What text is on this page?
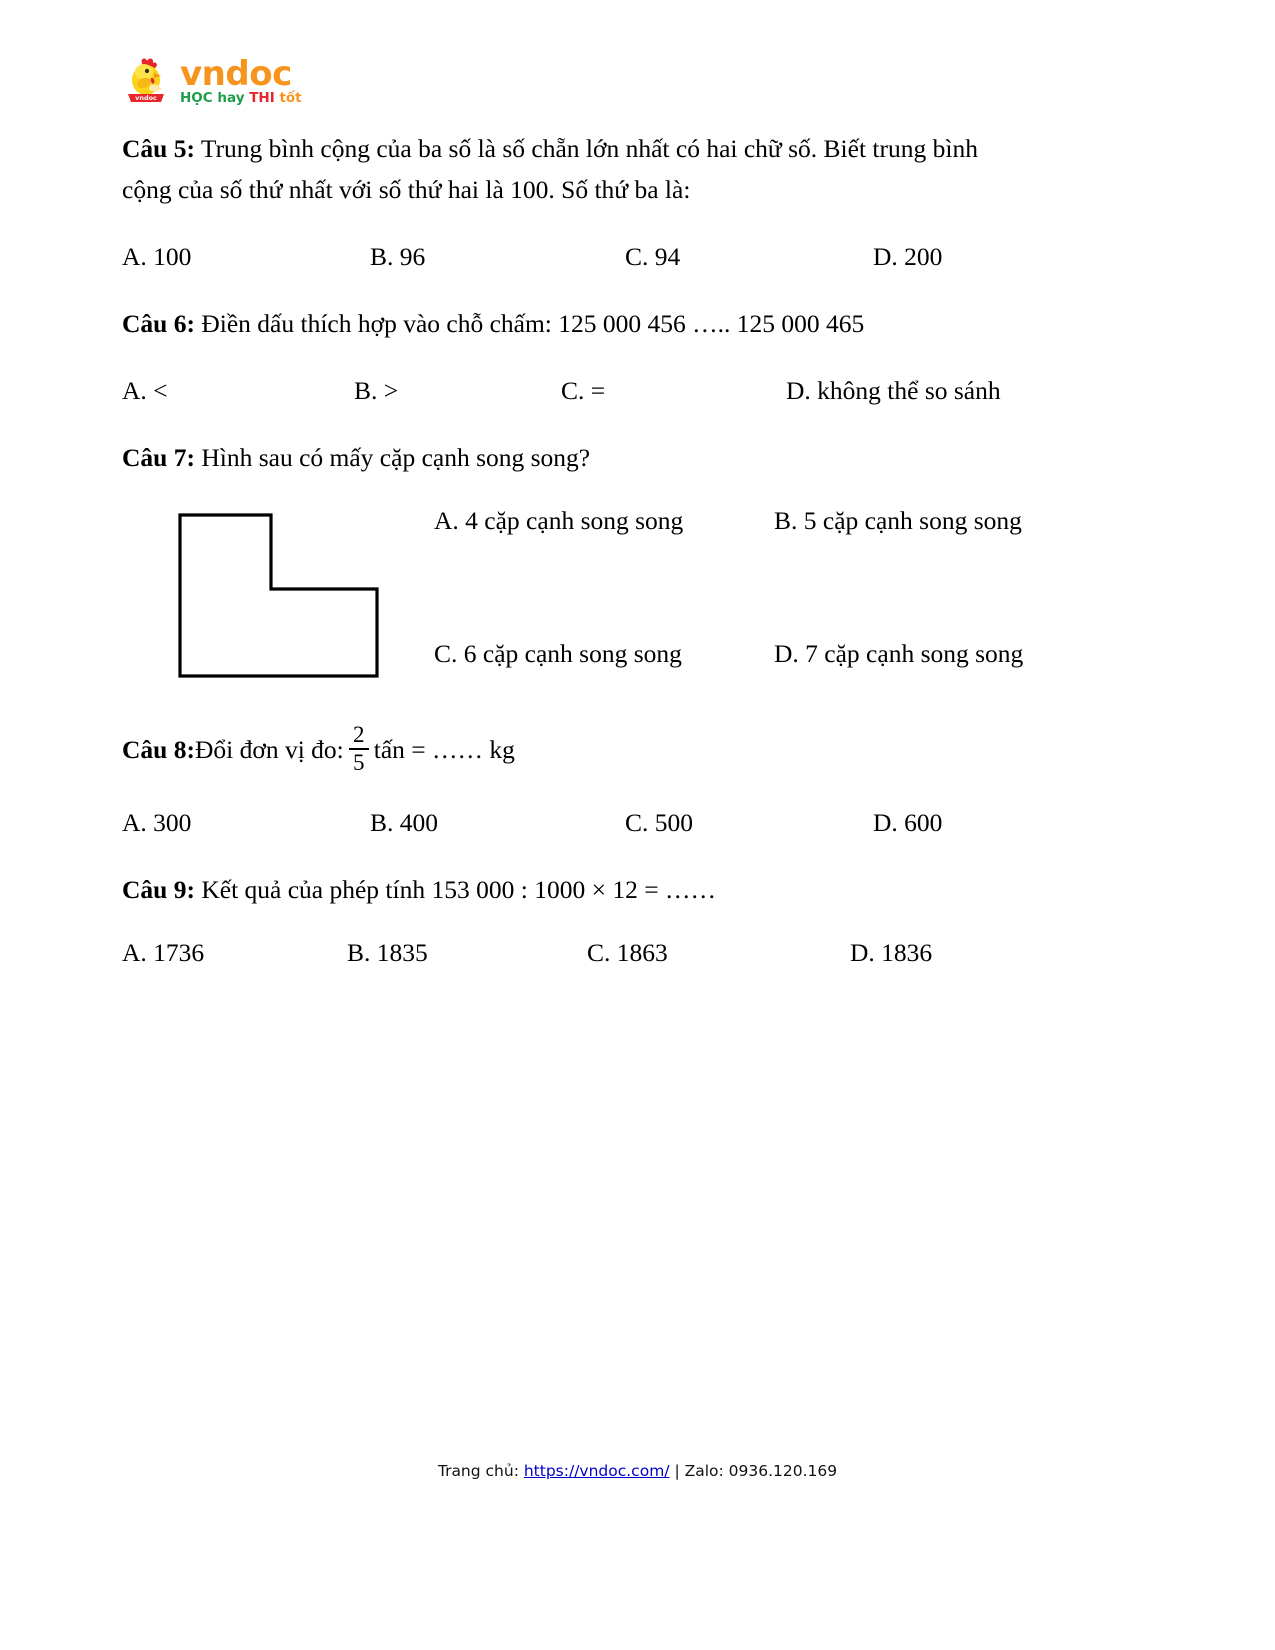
vndoc
vndoc
HỌC hay THI tốt

Câu 5: Trung bình cộng của ba số là số chẵn lớn nhất có hai chữ số. Biết trung bình

cộng của số thứ nhất với số thứ hai là 100. Số thứ ba là:

A. 100	B. 96	C. 94	D. 200

Câu 6: Điền dấu thích hợp vào chỗ chấm: 125 000 456 ….. 125 000 465

A. <	B. >	C. =	D. không thể so sánh

Câu 7: Hình sau có mấy cặp cạnh song song?

A. 4 cặp cạnh song song	B. 5 cặp cạnh song song
C. 6 cặp cạnh song song	D. 7 cặp cạnh song song
Câu 8: Đổi đơn vị đo: $\frac{2}{5}$ tấn = …… kg
A. 300	B. 400	C. 500	D. 600

Câu 9: Kết quả của phép tính 153 000 : 1000 × 12 = ……

A. 1736	B. 1835	C. 1863	D. 1836
Trang chủ: https://vndoc.com/ | Zalo: 0936.120.169
